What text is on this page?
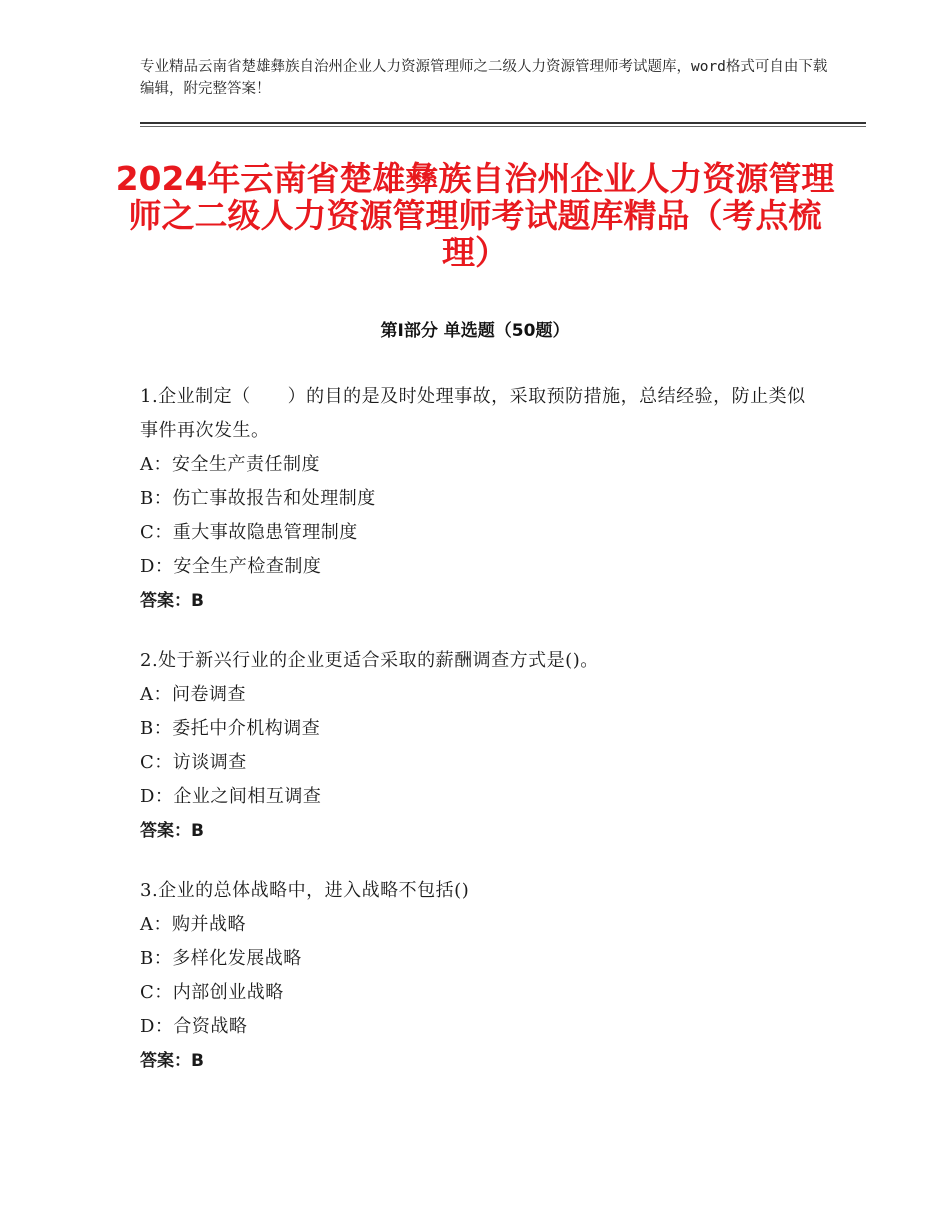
专业精品云南省楚雄彝族自治州企业人力资源管理师之二级人力资源管理师考试题库，word格式可自由下载编辑，附完整答案！
2024年云南省楚雄彝族自治州企业人力资源管理师之二级人力资源管理师考试题库精品（考点梳理）
第Ⅰ部分 单选题（50题）
1.企业制定（　　）的目的是及时处理事故，采取预防措施，总结经验，防止类似事件再次发生。
A：安全生产责任制度
B：伤亡事故报告和处理制度
C：重大事故隐患管理制度
D：安全生产检查制度
答案：B
2.处于新兴行业的企业更适合采取的薪酬调查方式是()。
A：问卷调查
B：委托中介机构调查
C：访谈调查
D：企业之间相互调查
答案：B
3.企业的总体战略中，进入战略不包括()
A：购并战略
B：多样化发展战略
C：内部创业战略
D：合资战略
答案：B
